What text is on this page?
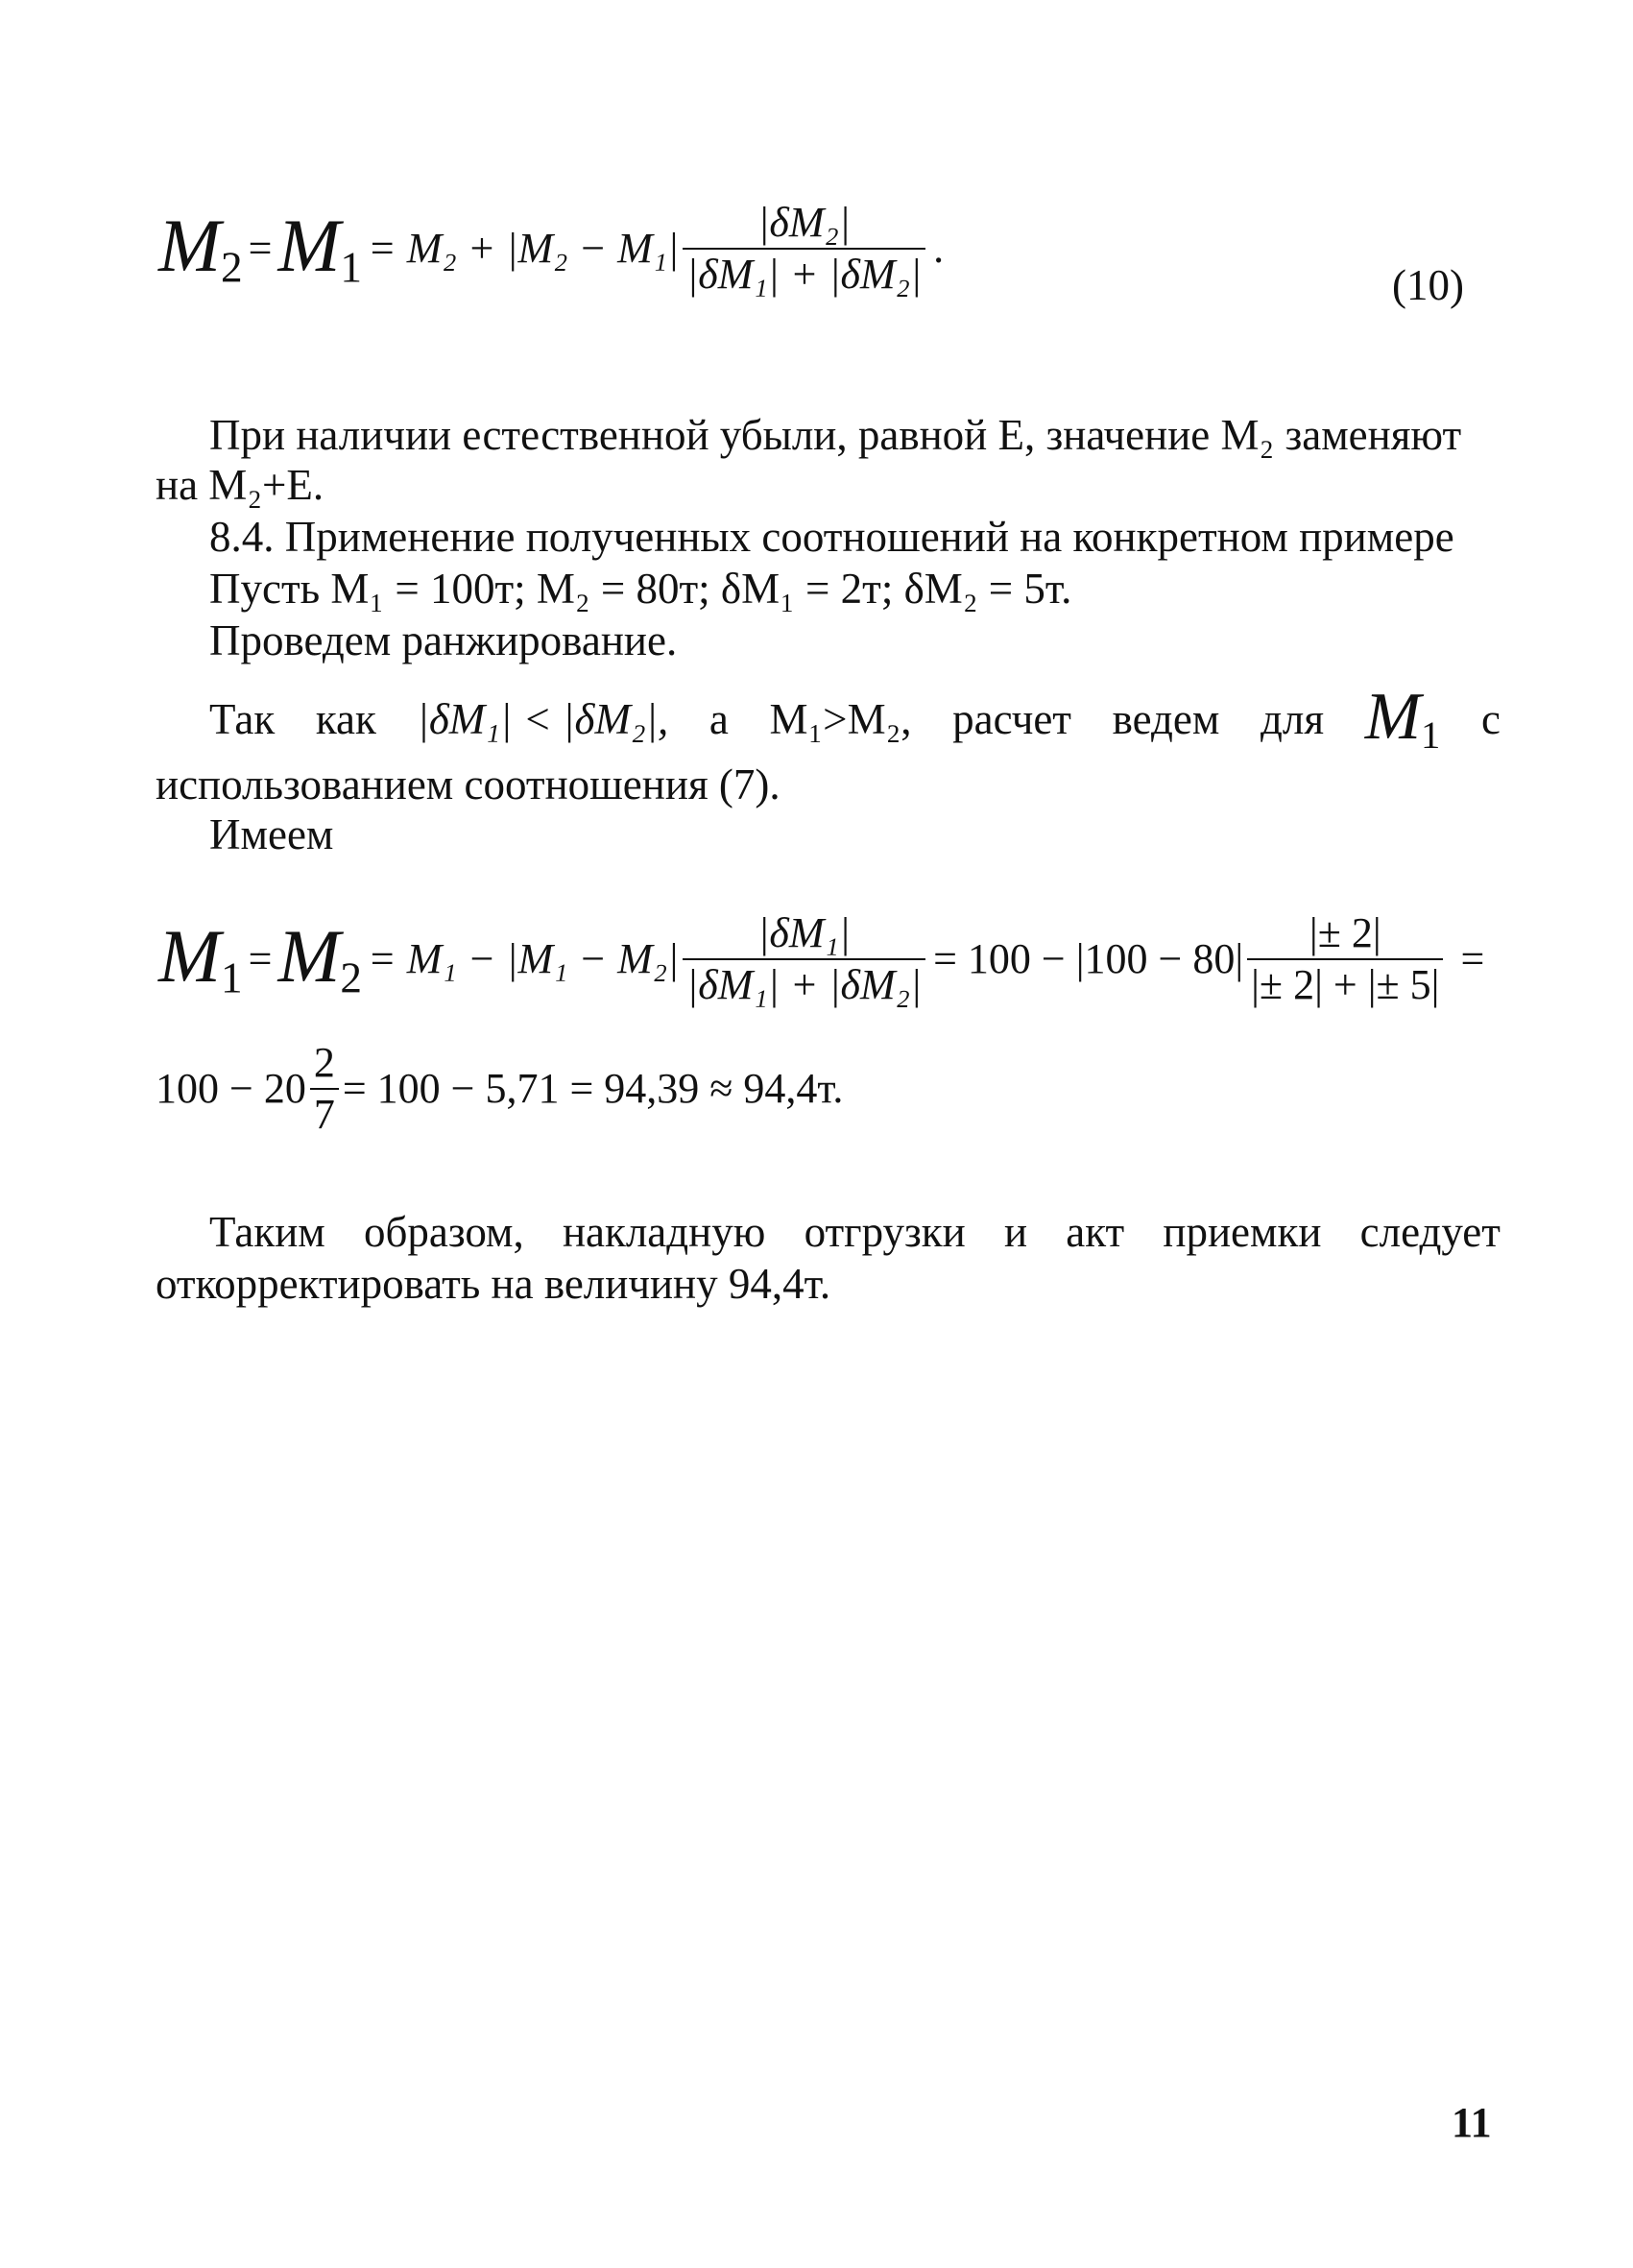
$M_2 = M_1 = M_2 + |M_2 - M_1| \frac{\text{|δM₂|}}{\text{|δM₁| + |δM₂|}}$ .
(10)
При наличии естественной убыли, равной Е, значение M₂ заменяют
на M₂+E.
8.4. Применение полученных соотношений на конкретном примере
Пусть M₁ = 100т; M₂ = 80т; δM₁ = 2т; δM₂ = 5т.
Проведем ранжирование.
Так как |δM₁| < |δM₂|, а M₁>M₂, расчет ведем для $M_1$ с
использованием соотношения (7).
Имеем
$M_1 = M_2 = M_1 - |M_1 - M_2| \frac{\text{|δM₁|}}{\text{|δM₁| + |δM₂|}} = 100 - |100 - 80| \frac{|\pm 2|}{|\pm 2| + |\pm 5|}$ =
$100 - 20 \frac{2}{7} = 100 - 5,71 = 94,39 \approx 94,4т$.
Таким образом, накладную отгрузки и акт приемки следует
откорректировать на величину 94,4т.
11
